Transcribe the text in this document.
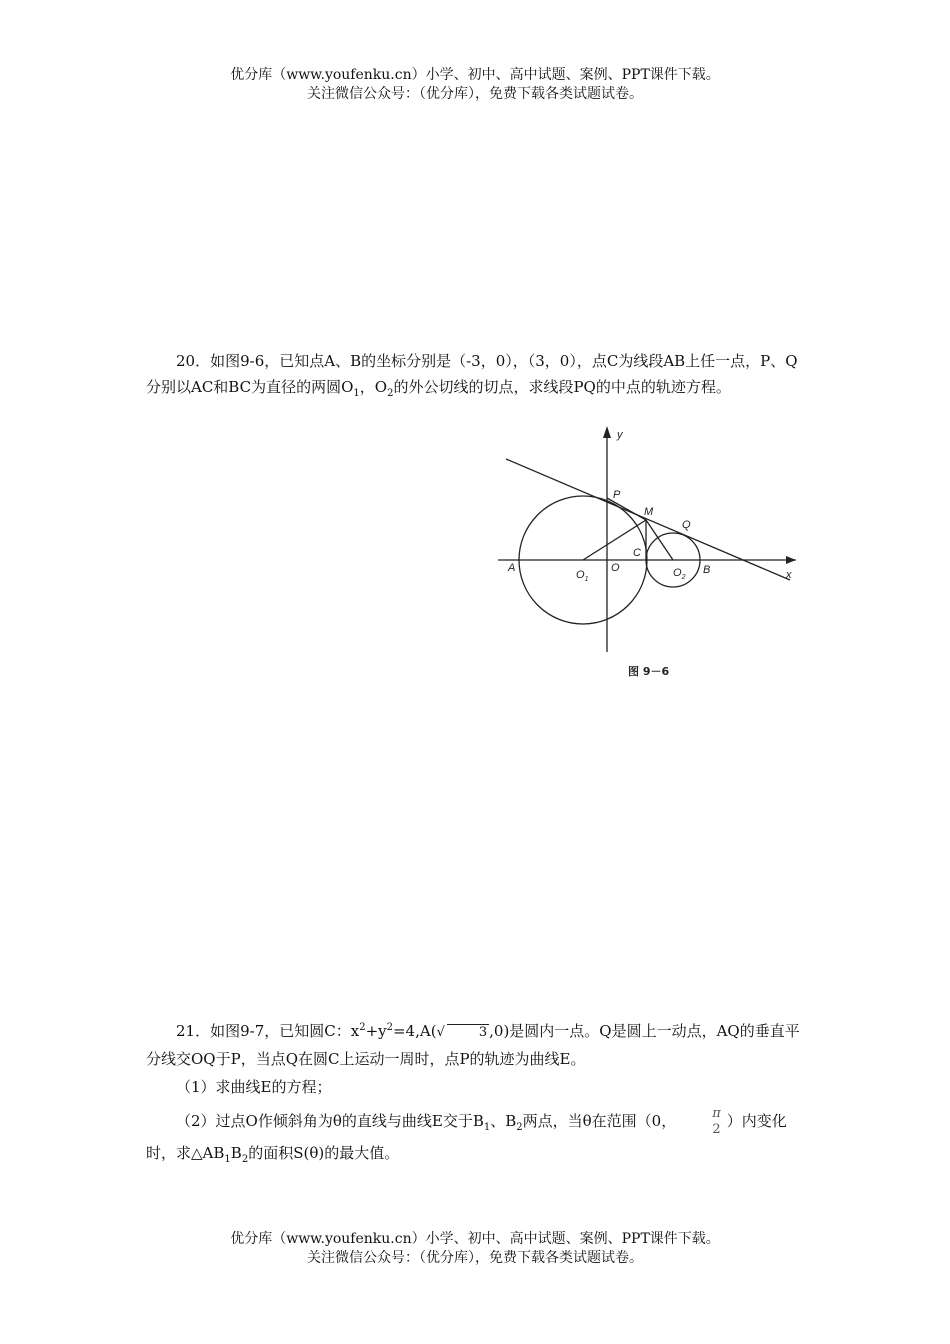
优分库（www.youfenku.cn）小学、初中、高中试题、案例、PPT课件下载。
关注微信公众号：（优分库），免费下载各类试题试卷。

20．如图9-6，已知点A、B的坐标分别是（-3，0），（3，0），点C为线段AB上任一点，P、Q分别以AC和BC为直径的两圆$O_1$，$O_2$的外公切线的切点，求线段PQ的中点的轨迹方程。

y
x
P
M
Q
C
A	O	B
$O_1$
$O_2$
图 9－6

21．如图9-7，已知圆C：$x^2+y^2=4,A(√$	3 ,0)是圆内一点。Q是圆上一动点，AQ的垂直平分线交OQ于P，当点Q在圆C上运动一周时，点P的轨迹为曲线E。

（1）求曲线E的方程；

（2）过点O作倾斜角为θ的直线与曲线E交于$B_1$、$B_2$两点，当θ在范围（0，	π
2 ）内变化时，求$\triangle AB_1B_2$的面积S(θ)的最大值。

优分库（www.youfenku.cn）小学、初中、高中试题、案例、PPT课件下载。
关注微信公众号：（优分库），免费下载各类试题试卷。
